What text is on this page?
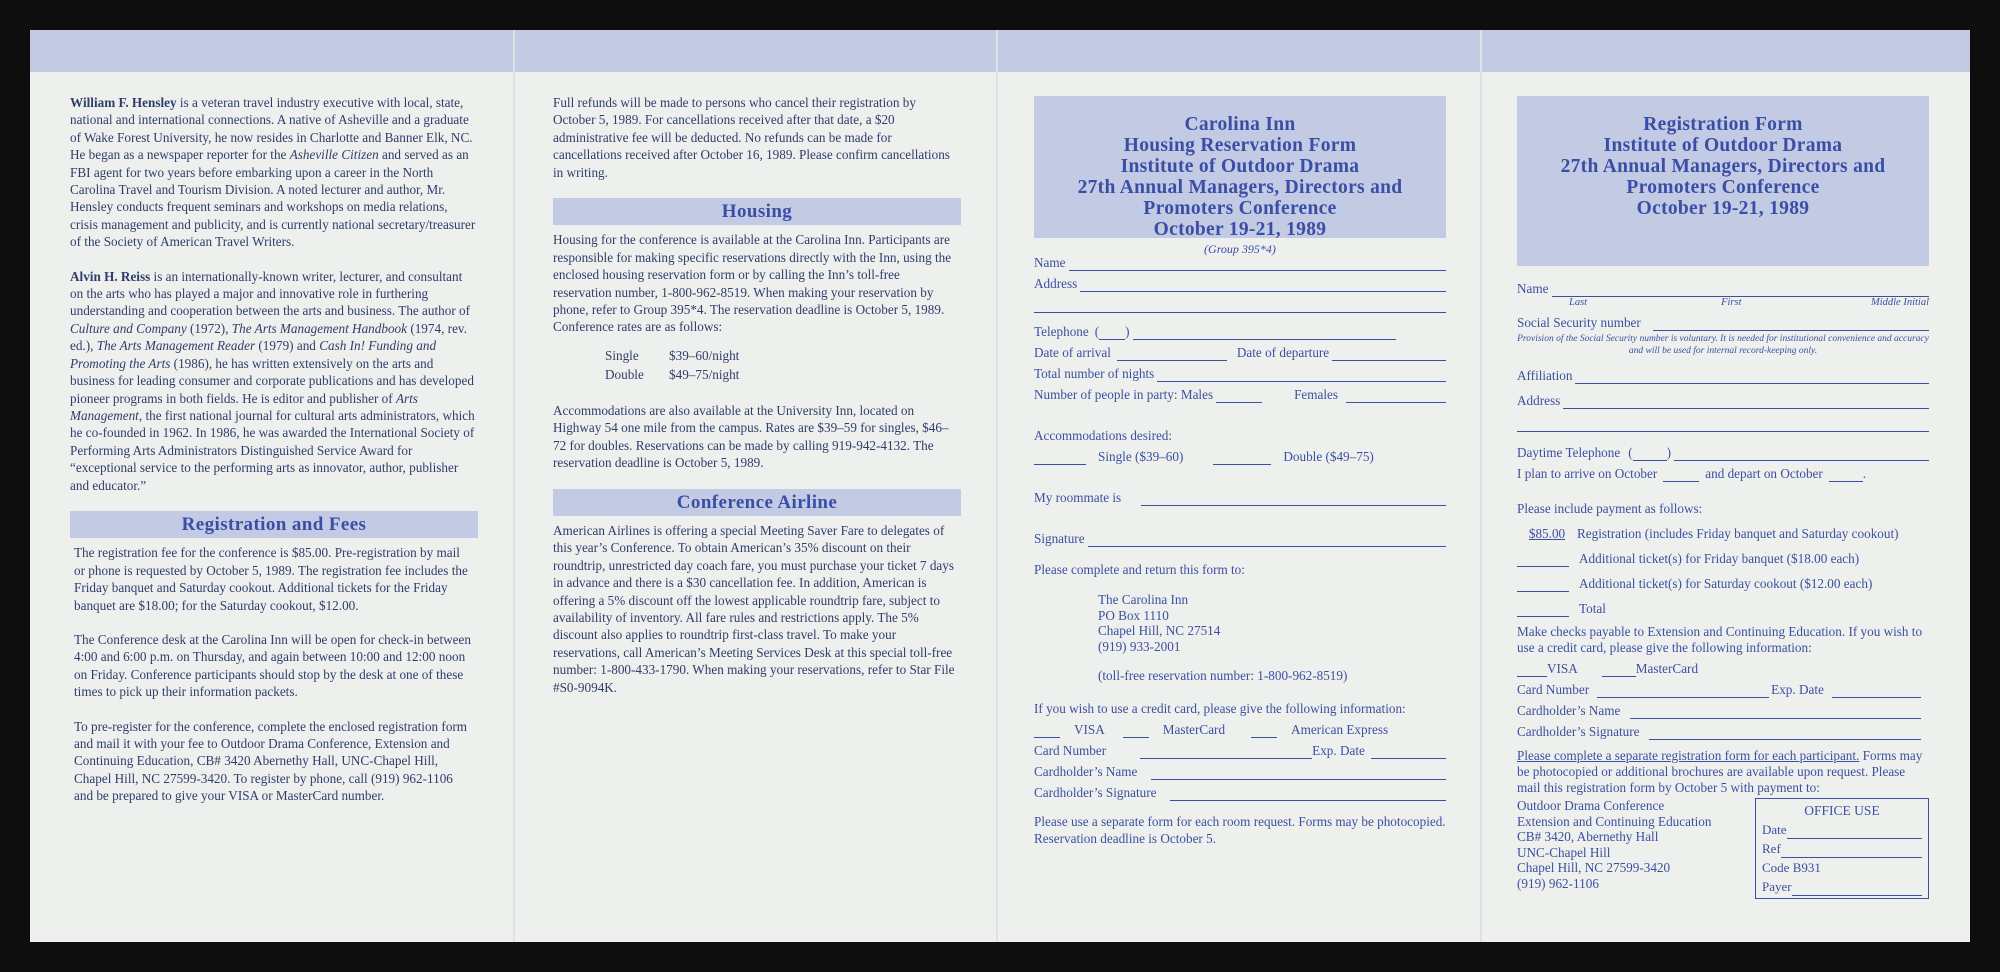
William F. Hensley is a veteran travel industry executive with local, state, national and international connections. A native of Asheville and a graduate of Wake Forest University, he now resides in Charlotte and Banner Elk, NC. He began as a newspaper reporter for the Asheville Citizen and served as an FBI agent for two years before embarking upon a career in the North Carolina Travel and Tourism Division. A noted lecturer and author, Mr. Hensley conducts frequent seminars and workshops on media relations, crisis management and publicity, and is currently national secretary/treasurer of the Society of American Travel Writers.

Alvin H. Reiss is an internationally-known writer, lecturer, and consultant on the arts who has played a major and innovative role in furthering understanding and cooperation between the arts and business. The author of Culture and Company (1972), The Arts Management Handbook (1974, rev. ed.), The Arts Management Reader (1979) and Cash In! Funding and Promoting the Arts (1986), he has written extensively on the arts and business for leading consumer and corporate publications and has developed pioneer programs in both fields. He is editor and publisher of Arts Management, the first national journal for cultural arts administrators, which he co-founded in 1962. In 1986, he was awarded the International Society of Performing Arts Administrators Distinguished Service Award for “exceptional service to the performing arts as innovator, author, publisher and educator.”

Registration and Fees

The registration fee for the conference is $85.00. Pre-registration by mail or phone is requested by October 5, 1989. The registration fee includes the Friday banquet and Saturday cookout. Additional tickets for the Friday banquet are $18.00; for the Saturday cookout, $12.00.

The Conference desk at the Carolina Inn will be open for check-in between 4:00 and 6:00 p.m. on Thursday, and again between 10:00 and 12:00 noon on Friday. Conference participants should stop by the desk at one of these times to pick up their information packets.

To pre-register for the conference, complete the enclosed registration form and mail it with your fee to Outdoor Drama Conference, Extension and Continuing Education, CB# 3420 Abernethy Hall, UNC-Chapel Hill, Chapel Hill, NC 27599-3420. To register by phone, call (919) 962-1106 and be prepared to give your VISA or MasterCard number.

Full refunds will be made to persons who cancel their registration by October 5, 1989. For cancellations received after that date, a $20 administrative fee will be deducted. No refunds can be made for cancellations received after October 16, 1989. Please confirm cancellations in writing.

Housing

Housing for the conference is available at the Carolina Inn. Participants are responsible for making specific reservations directly with the Inn, using the enclosed housing reservation form or by calling the Inn’s toll-free reservation number, 1-800-962-8519. When making your reservation by phone, refer to Group 395*4. The reservation deadline is October 5, 1989. Conference rates are as follows:

Single $39–60/night
Double $49–75/night

Accommodations are also available at the University Inn, located on Highway 54 one mile from the campus. Rates are $39–59 for singles, $46–72 for doubles. Reservations can be made by calling 919-942-4132. The reservation deadline is October 5, 1989.

Conference Airline

American Airlines is offering a special Meeting Saver Fare to delegates of this year’s Conference. To obtain American’s 35% discount on their roundtrip, unrestricted day coach fare, you must purchase your ticket 7 days in advance and there is a $30 cancellation fee. In addition, American is offering a 5% discount off the lowest applicable roundtrip fare, subject to availability of inventory. All fare rules and restrictions apply. The 5% discount also applies to roundtrip first-class travel. To make your reservations, call American’s Meeting Services Desk at this special toll-free number: 1-800-433-1790. When making your reservations, refer to Star File #S0-9094K.

Carolina Inn
Housing Reservation Form
Institute of Outdoor Drama
27th Annual Managers, Directors and
Promoters Conference
October 19-21, 1989
(Group 395*4)
Name
Address
Telephone ( )
Date of arrival	Date of departure
Total number of nights
Number of people in party: Males	Females
Accommodations desired:
Single ($39–60)	Double ($49–75)
My roommate is
Signature
Please complete and return this form to:
The Carolina Inn
PO Box 1110
Chapel Hill, NC 27514
(919) 933-2001
(toll-free reservation number: 1-800-962-8519)
If you wish to use a credit card, please give the following information:
VISA	MasterCard	American Express
Card Number	Exp. Date
Cardholder’s Name
Cardholder’s Signature
Please use a separate form for each room request. Forms may be photocopied. Reservation deadline is October 5.
Registration Form
Institute of Outdoor Drama
27th Annual Managers, Directors and
Promoters Conference
October 19-21, 1989
Name
Last	First	Middle Initial
Social Security number
Provision of the Social Security number is voluntary. It is needed for institutional convenience and accuracy and will be used for internal record-keeping only.
Affiliation
Address
Daytime Telephone (	)
I plan to arrive on October	and depart on October	.
Please include payment as follows:
$85.00 Registration (includes Friday banquet and Saturday cookout)
Additional ticket(s) for Friday banquet ($18.00 each)
Additional ticket(s) for Saturday cookout ($12.00 each)
Total
Make checks payable to Extension and Continuing Education. If you wish to use a credit card, please give the following information:
VISA	MasterCard
Card Number	Exp. Date
Cardholder’s Name
Cardholder’s Signature
Please complete a separate registration form for each participant. Forms may be photocopied or additional brochures are available upon request. Please mail this registration form by October 5 with payment to:
Outdoor Drama Conference
Extension and Continuing Education
CB# 3420, Abernethy Hall
UNC-Chapel Hill
Chapel Hill, NC 27599-3420
(919) 962-1106
OFFICE USE
Date
Ref
Code B931
Payer
